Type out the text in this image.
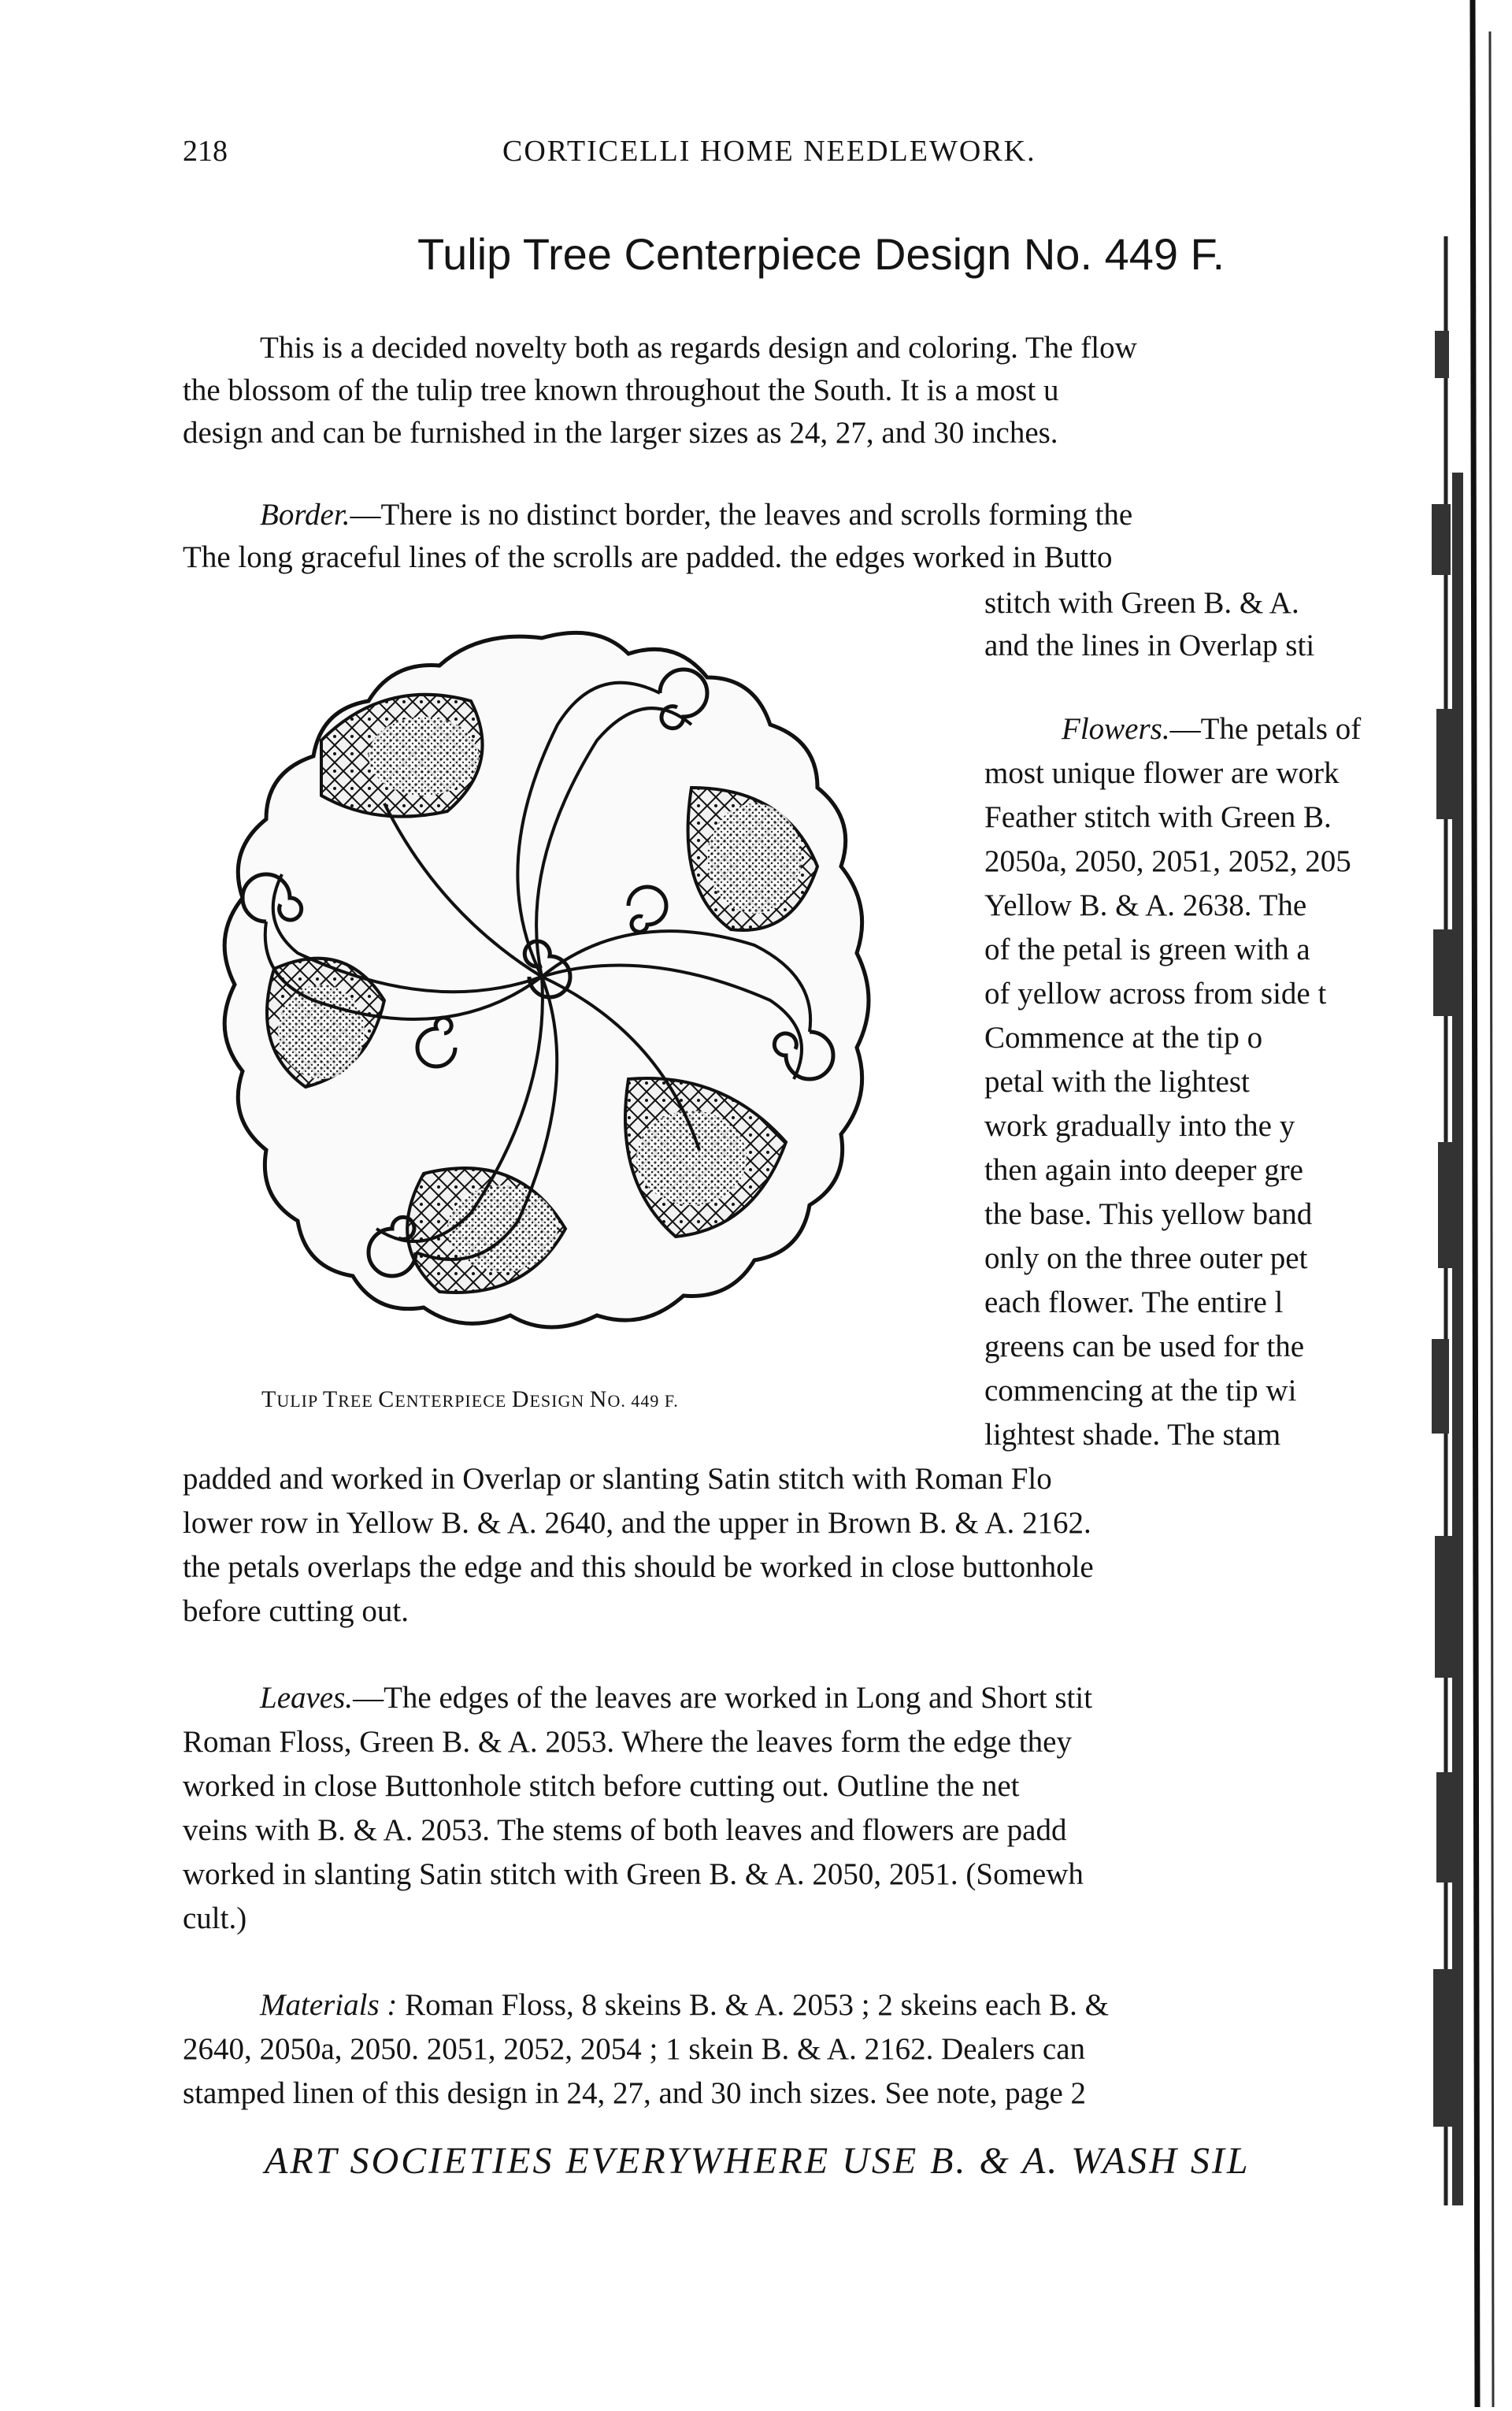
218	CORTICELLI HOME NEEDLEWORK.
Tulip Tree Centerpiece Design No. 449 F.
This is a decided novelty both as regards design and coloring. The flow
the blossom of the tulip tree known throughout the South. It is a most u
design and can be furnished in the larger sizes as 24, 27, and 30 inches.
Border.—There is no distinct border, the leaves and scrolls forming the
The long graceful lines of the scrolls are padded. the edges worked in Butto
stitch with Green B. & A.
and the lines in Overlap sti
TULIP TREE CENTERPIECE DESIGN NO. 449 F.
Flowers.—The petals of
most unique flower are work
Feather stitch with Green B.
2050a, 2050, 2051, 2052, 205
Yellow B. & A. 2638. The
of the petal is green with a
of yellow across from side t
Commence at the tip o
petal with the lightest
work gradually into the y
then again into deeper gre
the base. This yellow band
only on the three outer pet
each flower. The entire l
greens can be used for the
commencing at the tip wi
lightest shade. The stam
padded and worked in Overlap or slanting Satin stitch with Roman Flo
lower row in Yellow B. & A. 2640, and the upper in Brown B. & A. 2162.
the petals overlaps the edge and this should be worked in close buttonhole
before cutting out.
Leaves.—The edges of the leaves are worked in Long and Short stit
Roman Floss, Green B. & A. 2053. Where the leaves form the edge they
worked in close Buttonhole stitch before cutting out. Outline the net
veins with B. & A. 2053. The stems of both leaves and flowers are padd
worked in slanting Satin stitch with Green B. & A. 2050, 2051. (Somewh
cult.)
Materials : Roman Floss, 8 skeins B. & A. 2053 ; 2 skeins each B. &
2640, 2050a, 2050. 2051, 2052, 2054 ; 1 skein B. & A. 2162. Dealers can
stamped linen of this design in 24, 27, and 30 inch sizes. See note, page 2
ART SOCIETIES EVERYWHERE USE B. & A. WASH SIL
